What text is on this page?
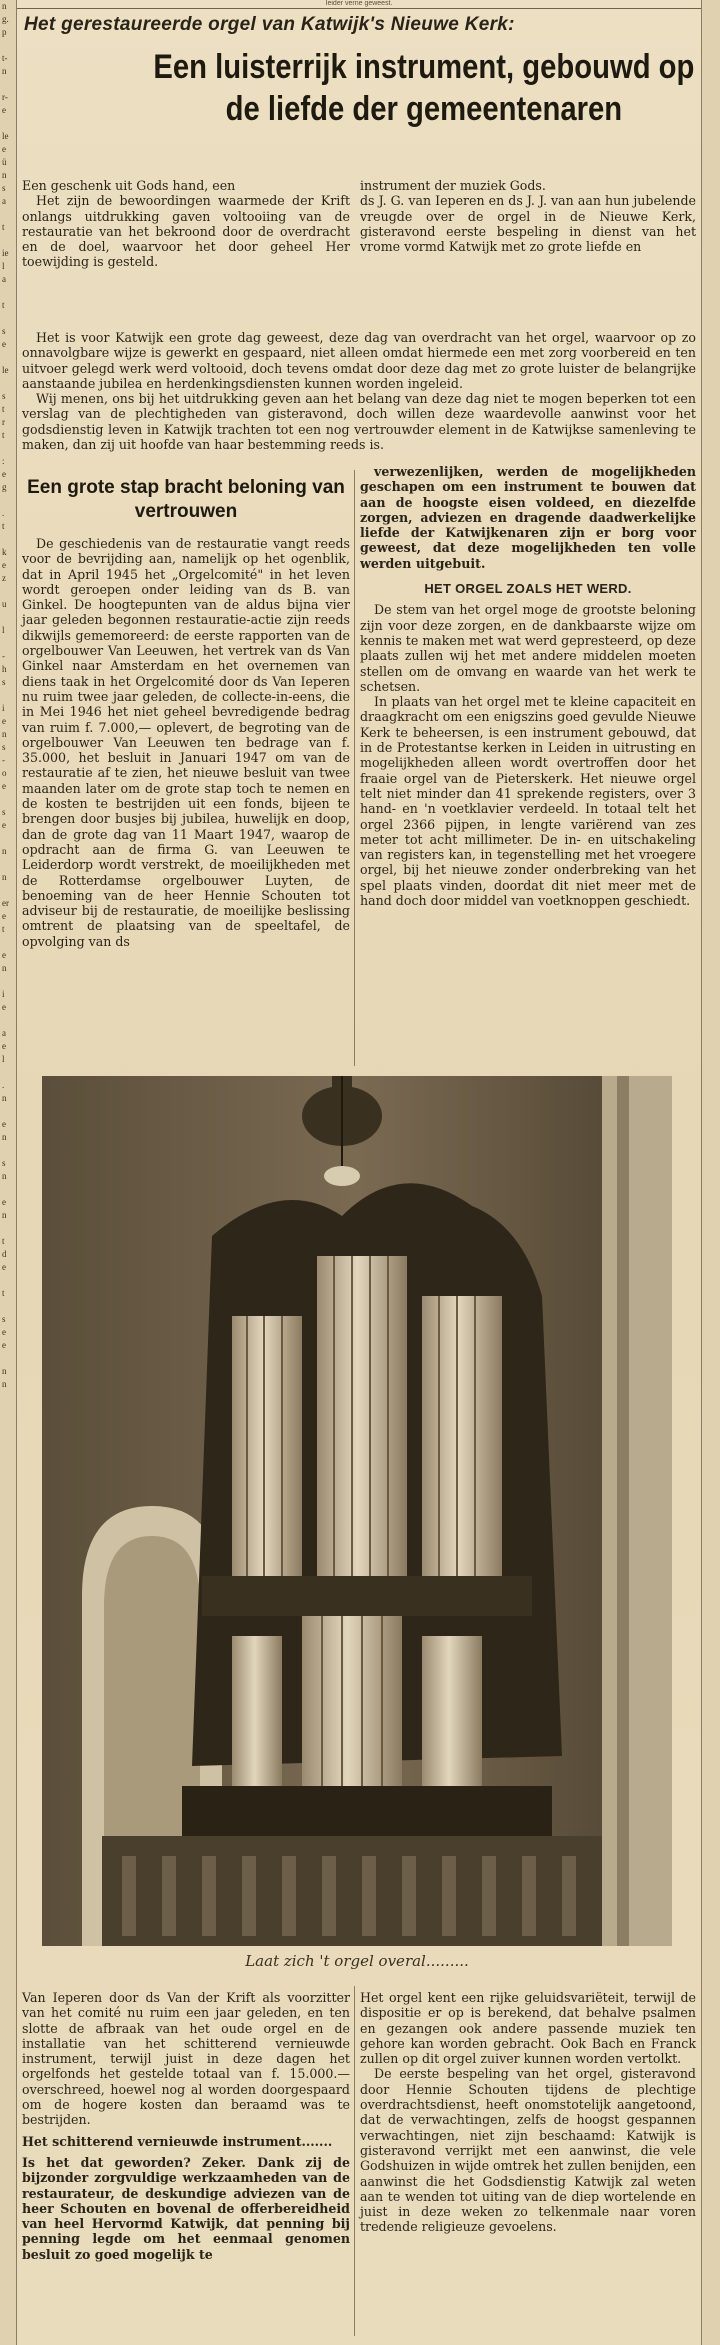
Ieider verne geweest.
n
g.
p

t-
n

r-
e

le
e
ü
n
s
a

t

ie
l
a

t

s
e

le

s
t
r
t

:
e
g

.
t

k
e
z

u

l

-
h
s

i
e
n
s
-
o
e

s
e

n

n

er
e
t

e
n

i
e

a
e
l

.
n

e
n

s
n

e
n

t
d
e

t

s
e
e

n
n

Het gerestaureerde orgel van Katwijk's Nieuwe Kerk:
Een luisterrijk instrument, gebouwd op de liefde der gemeentenaren

Een geschenk uit Gods hand, een

Het zijn de bewoordingen waarmede der Krift onlangs uitdrukking gaven voltooiing van de restauratie van het bekroond door de overdracht en de doel, waarvoor het door geheel Her toewijding is gesteld.

instrument der muziek Gods.

ds J. G. van Ieperen en ds J. J. van aan hun jubelende vreugde over de orgel in de Nieuwe Kerk, gisteravond eerste bespeling in dienst van het vrome vormd Katwijk met zo grote liefde en

Het is voor Katwijk een grote dag geweest, deze dag van overdracht van het orgel, waarvoor op zo onnavolgbare wijze is gewerkt en gespaard, niet alleen omdat hiermede een met zorg voorbereid en ten uitvoer gelegd werk werd voltooid, doch tevens omdat door deze dag met zo grote luister de belangrijke aanstaande jubilea en herdenkingsdiensten kunnen worden ingeleid.

Wij menen, ons bij het uitdrukking geven aan het belang van deze dag niet te mogen beperken tot een verslag van de plechtigheden van gisteravond, doch willen deze waardevolle aanwinst voor het godsdienstig leven in Katwijk trachten tot een nog vertrouwder element in de Katwijkse samenleving te maken, dan zij uit hoofde van haar bestemming reeds is.

Een grote stap bracht beloning van vertrouwen

De geschiedenis van de restauratie vangt reeds voor de bevrijding aan, namelijk op het ogenblik, dat in April 1945 het „Orgelcomité" in het leven wordt geroepen onder leiding van ds B. van Ginkel. De hoogtepunten van de aldus bijna vier jaar geleden begonnen restauratie-actie zijn reeds dikwijls gememoreerd: de eerste rapporten van de orgelbouwer Van Leeuwen, het vertrek van ds Van Ginkel naar Amsterdam en het overnemen van diens taak in het Orgelcomité door ds Van Ieperen nu ruim twee jaar geleden, de collecte-in-eens, die in Mei 1946 het niet geheel bevredigende bedrag van ruim f. 7.000,— oplevert, de begroting van de orgelbouwer Van Leeuwen ten bedrage van f. 35.000, het besluit in Januari 1947 om van de restauratie af te zien, het nieuwe besluit van twee maanden later om de grote stap toch te nemen en de kosten te bestrijden uit een fonds, bijeen te brengen door busjes bij jubilea, huwelijk en doop, dan de grote dag van 11 Maart 1947, waarop de opdracht aan de firma G. van Leeuwen te Leiderdorp wordt verstrekt, de moeilijkheden met de Rotterdamse orgelbouwer Luyten, de benoeming van de heer Hennie Schouten tot adviseur bij de restauratie, de moeilijke beslissing omtrent de plaatsing van de speeltafel, de opvolging van ds

verwezenlijken, werden de mogelijkheden geschapen om een instrument te bouwen dat aan de hoogste eisen voldeed, en diezelfde zorgen, adviezen en dragende daadwerkelijke liefde der Katwijkenaren zijn er borg voor geweest, dat deze mogelijkheden ten volle werden uitgebuit.

HET ORGEL ZOALS HET WERD.

De stem van het orgel moge de grootste beloning zijn voor deze zorgen, en de dankbaarste wijze om kennis te maken met wat werd gepresteerd, op deze plaats zullen wij het met andere middelen moeten stellen om de omvang en waarde van het werk te schetsen.

In plaats van het orgel met te kleine capaciteit en draagkracht om een enigszins goed gevulde Nieuwe Kerk te beheersen, is een instrument gebouwd, dat in de Protestantse kerken in Leiden in uitrusting en mogelijkheden alleen wordt overtroffen door het fraaie orgel van de Pieterskerk. Het nieuwe orgel telt niet minder dan 41 sprekende registers, over 3 hand- en 'n voetklavier verdeeld. In totaal telt het orgel 2366 pijpen, in lengte variërend van zes meter tot acht millimeter. De in- en uitschakeling van registers kan, in tegenstelling met het vroegere orgel, bij het nieuwe zonder onderbreking van het spel plaats vinden, doordat dit niet meer met de hand doch door middel van voetknoppen geschiedt.

Laat zich 't orgel overal.........

Van Ieperen door ds Van der Krift als voorzitter van het comité nu ruim een jaar geleden, en ten slotte de afbraak van het oude orgel en de installatie van het schitterend vernieuwde instrument, terwijl juist in deze dagen het orgelfonds het gestelde totaal van f. 15.000.— overschreed, hoewel nog al worden doorgespaard om de hogere kosten dan beraamd was te bestrijden.

Het schitterend vernieuwde instrument.......

Is het dat geworden? Zeker. Dank zij de bijzonder zorgvuldige werkzaamheden van de restaurateur, de deskundige adviezen van de heer Schouten en bovenal de offerbereidheid van heel Hervormd Katwijk, dat penning bij penning legde om het eenmaal genomen besluit zo goed mogelijk te

Het orgel kent een rijke geluidsvariëteit, terwijl de dispositie er op is berekend, dat behalve psalmen en gezangen ook andere passende muziek ten gehore kan worden gebracht. Ook Bach en Franck zullen op dit orgel zuiver kunnen worden vertolkt.

De eerste bespeling van het orgel, gisteravond door Hennie Schouten tijdens de plechtige overdrachtsdienst, heeft onomstotelijk aangetoond, dat de verwachtingen, zelfs de hoogst gespannen verwachtingen, niet zijn beschaamd: Katwijk is gisteravond verrijkt met een aanwinst, die vele Godshuizen in wijde omtrek het zullen benijden, een aanwinst die het Godsdienstig Katwijk zal weten aan te wenden tot uiting van de diep wortelende en juist in deze weken zo telkenmale naar voren tredende religieuze gevoelens.
